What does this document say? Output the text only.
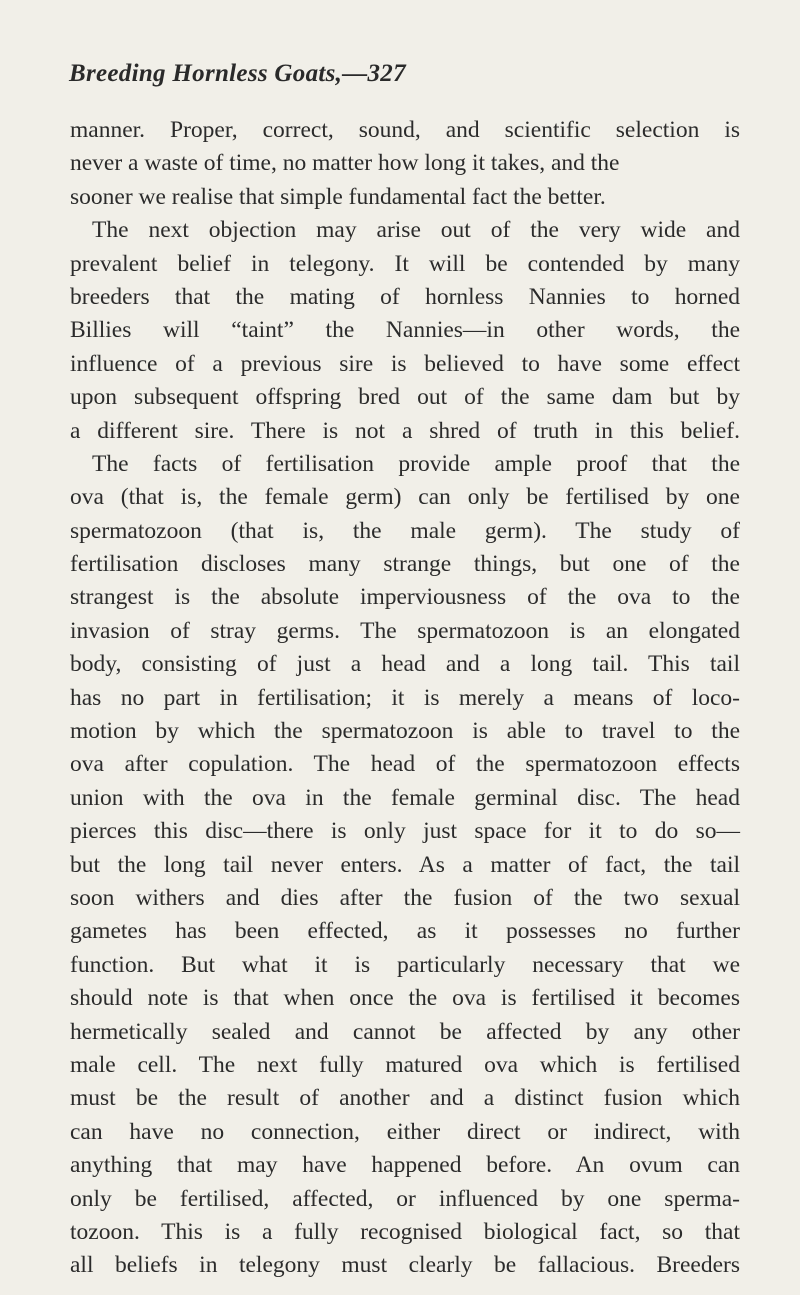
Breeding Hornless Goats,—327
manner. Proper, correct, sound, and scientific selection is
never a waste of time, no matter how long it takes, and the
sooner we realise that simple fundamental fact the better.
The next objection may arise out of the very wide and
prevalent belief in telegony. It will be contended by many
breeders that the mating of hornless Nannies to horned
Billies will “taint” the Nannies—in other words, the
influence of a previous sire is believed to have some effect
upon subsequent offspring bred out of the same dam but by
a different sire. There is not a shred of truth in this belief.
The facts of fertilisation provide ample proof that the
ova (that is, the female germ) can only be fertilised by one
spermatozoon (that is, the male germ). The study of
fertilisation discloses many strange things, but one of the
strangest is the absolute imperviousness of the ova to the
invasion of stray germs. The spermatozoon is an elongated
body, consisting of just a head and a long tail. This tail
has no part in fertilisation; it is merely a means of loco-
motion by which the spermatozoon is able to travel to the
ova after copulation. The head of the spermatozoon effects
union with the ova in the female germinal disc. The head
pierces this disc—there is only just space for it to do so—
but the long tail never enters. As a matter of fact, the tail
soon withers and dies after the fusion of the two sexual
gametes has been effected, as it possesses no further
function. But what it is particularly necessary that we
should note is that when once the ova is fertilised it becomes
hermetically sealed and cannot be affected by any other
male cell. The next fully matured ova which is fertilised
must be the result of another and a distinct fusion which
can have no connection, either direct or indirect, with
anything that may have happened before. An ovum can
only be fertilised, affected, or influenced by one sperma-
tozoon. This is a fully recognised biological fact, so that
all beliefs in telegony must clearly be fallacious. Breeders
